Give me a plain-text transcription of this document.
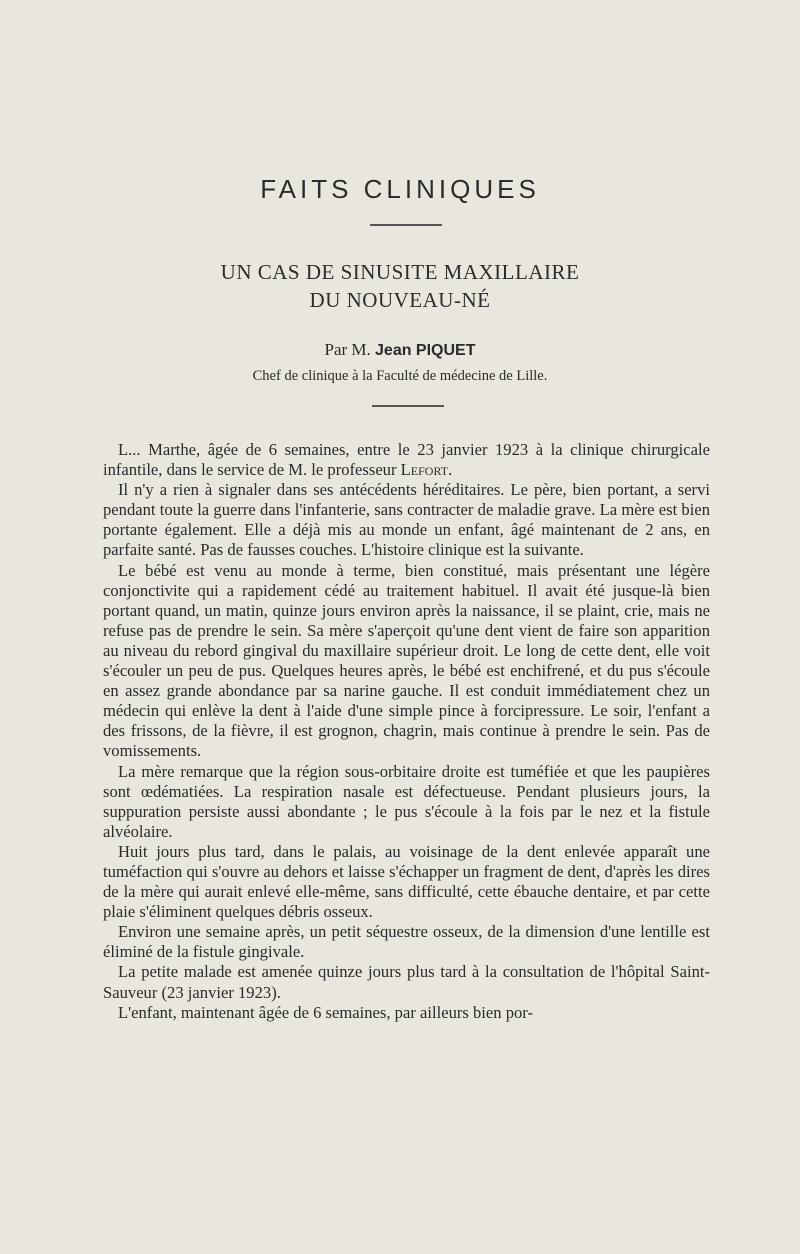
FAITS CLINIQUES
UN CAS DE SINUSITE MAXILLAIRE
DU NOUVEAU-NÉ
Par M. Jean PIQUET
Chef de clinique à la Faculté de médecine de Lille.

L... Marthe, âgée de 6 semaines, entre le 23 janvier 1923 à la clinique chirurgicale infantile, dans le service de M. le professeur Lefort.

Il n'y a rien à signaler dans ses antécédents héréditaires. Le père, bien portant, a servi pendant toute la guerre dans l'infanterie, sans contracter de maladie grave. La mère est bien portante également. Elle a déjà mis au monde un enfant, âgé maintenant de 2 ans, en parfaite santé. Pas de fausses couches. L'histoire clinique est la suivante.

Le bébé est venu au monde à terme, bien constitué, mais présentant une légère conjonctivite qui a rapidement cédé au traitement habituel. Il avait été jusque-là bien portant quand, un matin, quinze jours environ après la naissance, il se plaint, crie, mais ne refuse pas de prendre le sein. Sa mère s'aperçoit qu'une dent vient de faire son apparition au niveau du rebord gingival du maxillaire supérieur droit. Le long de cette dent, elle voit s'écouler un peu de pus. Quelques heures après, le bébé est enchifrené, et du pus s'écoule en assez grande abondance par sa narine gauche. Il est conduit immédiatement chez un médecin qui enlève la dent à l'aide d'une simple pince à forcipressure. Le soir, l'enfant a des frissons, de la fièvre, il est grognon, chagrin, mais continue à prendre le sein. Pas de vomissements.

La mère remarque que la région sous-orbitaire droite est tuméfiée et que les paupières sont œdématiées. La respiration nasale est défectueuse. Pendant plusieurs jours, la suppuration persiste aussi abondante ; le pus s'écoule à la fois par le nez et la fistule alvéolaire.

Huit jours plus tard, dans le palais, au voisinage de la dent enlevée apparaît une tuméfaction qui s'ouvre au dehors et laisse s'échapper un fragment de dent, d'après les dires de la mère qui aurait enlevé elle-même, sans difficulté, cette ébauche dentaire, et par cette plaie s'éliminent quelques débris osseux.

Environ une semaine après, un petit séquestre osseux, de la dimension d'une lentille est éliminé de la fistule gingivale.

La petite malade est amenée quinze jours plus tard à la consultation de l'hôpital Saint-Sauveur (23 janvier 1923).

L'enfant, maintenant âgée de 6 semaines, par ailleurs bien por-
